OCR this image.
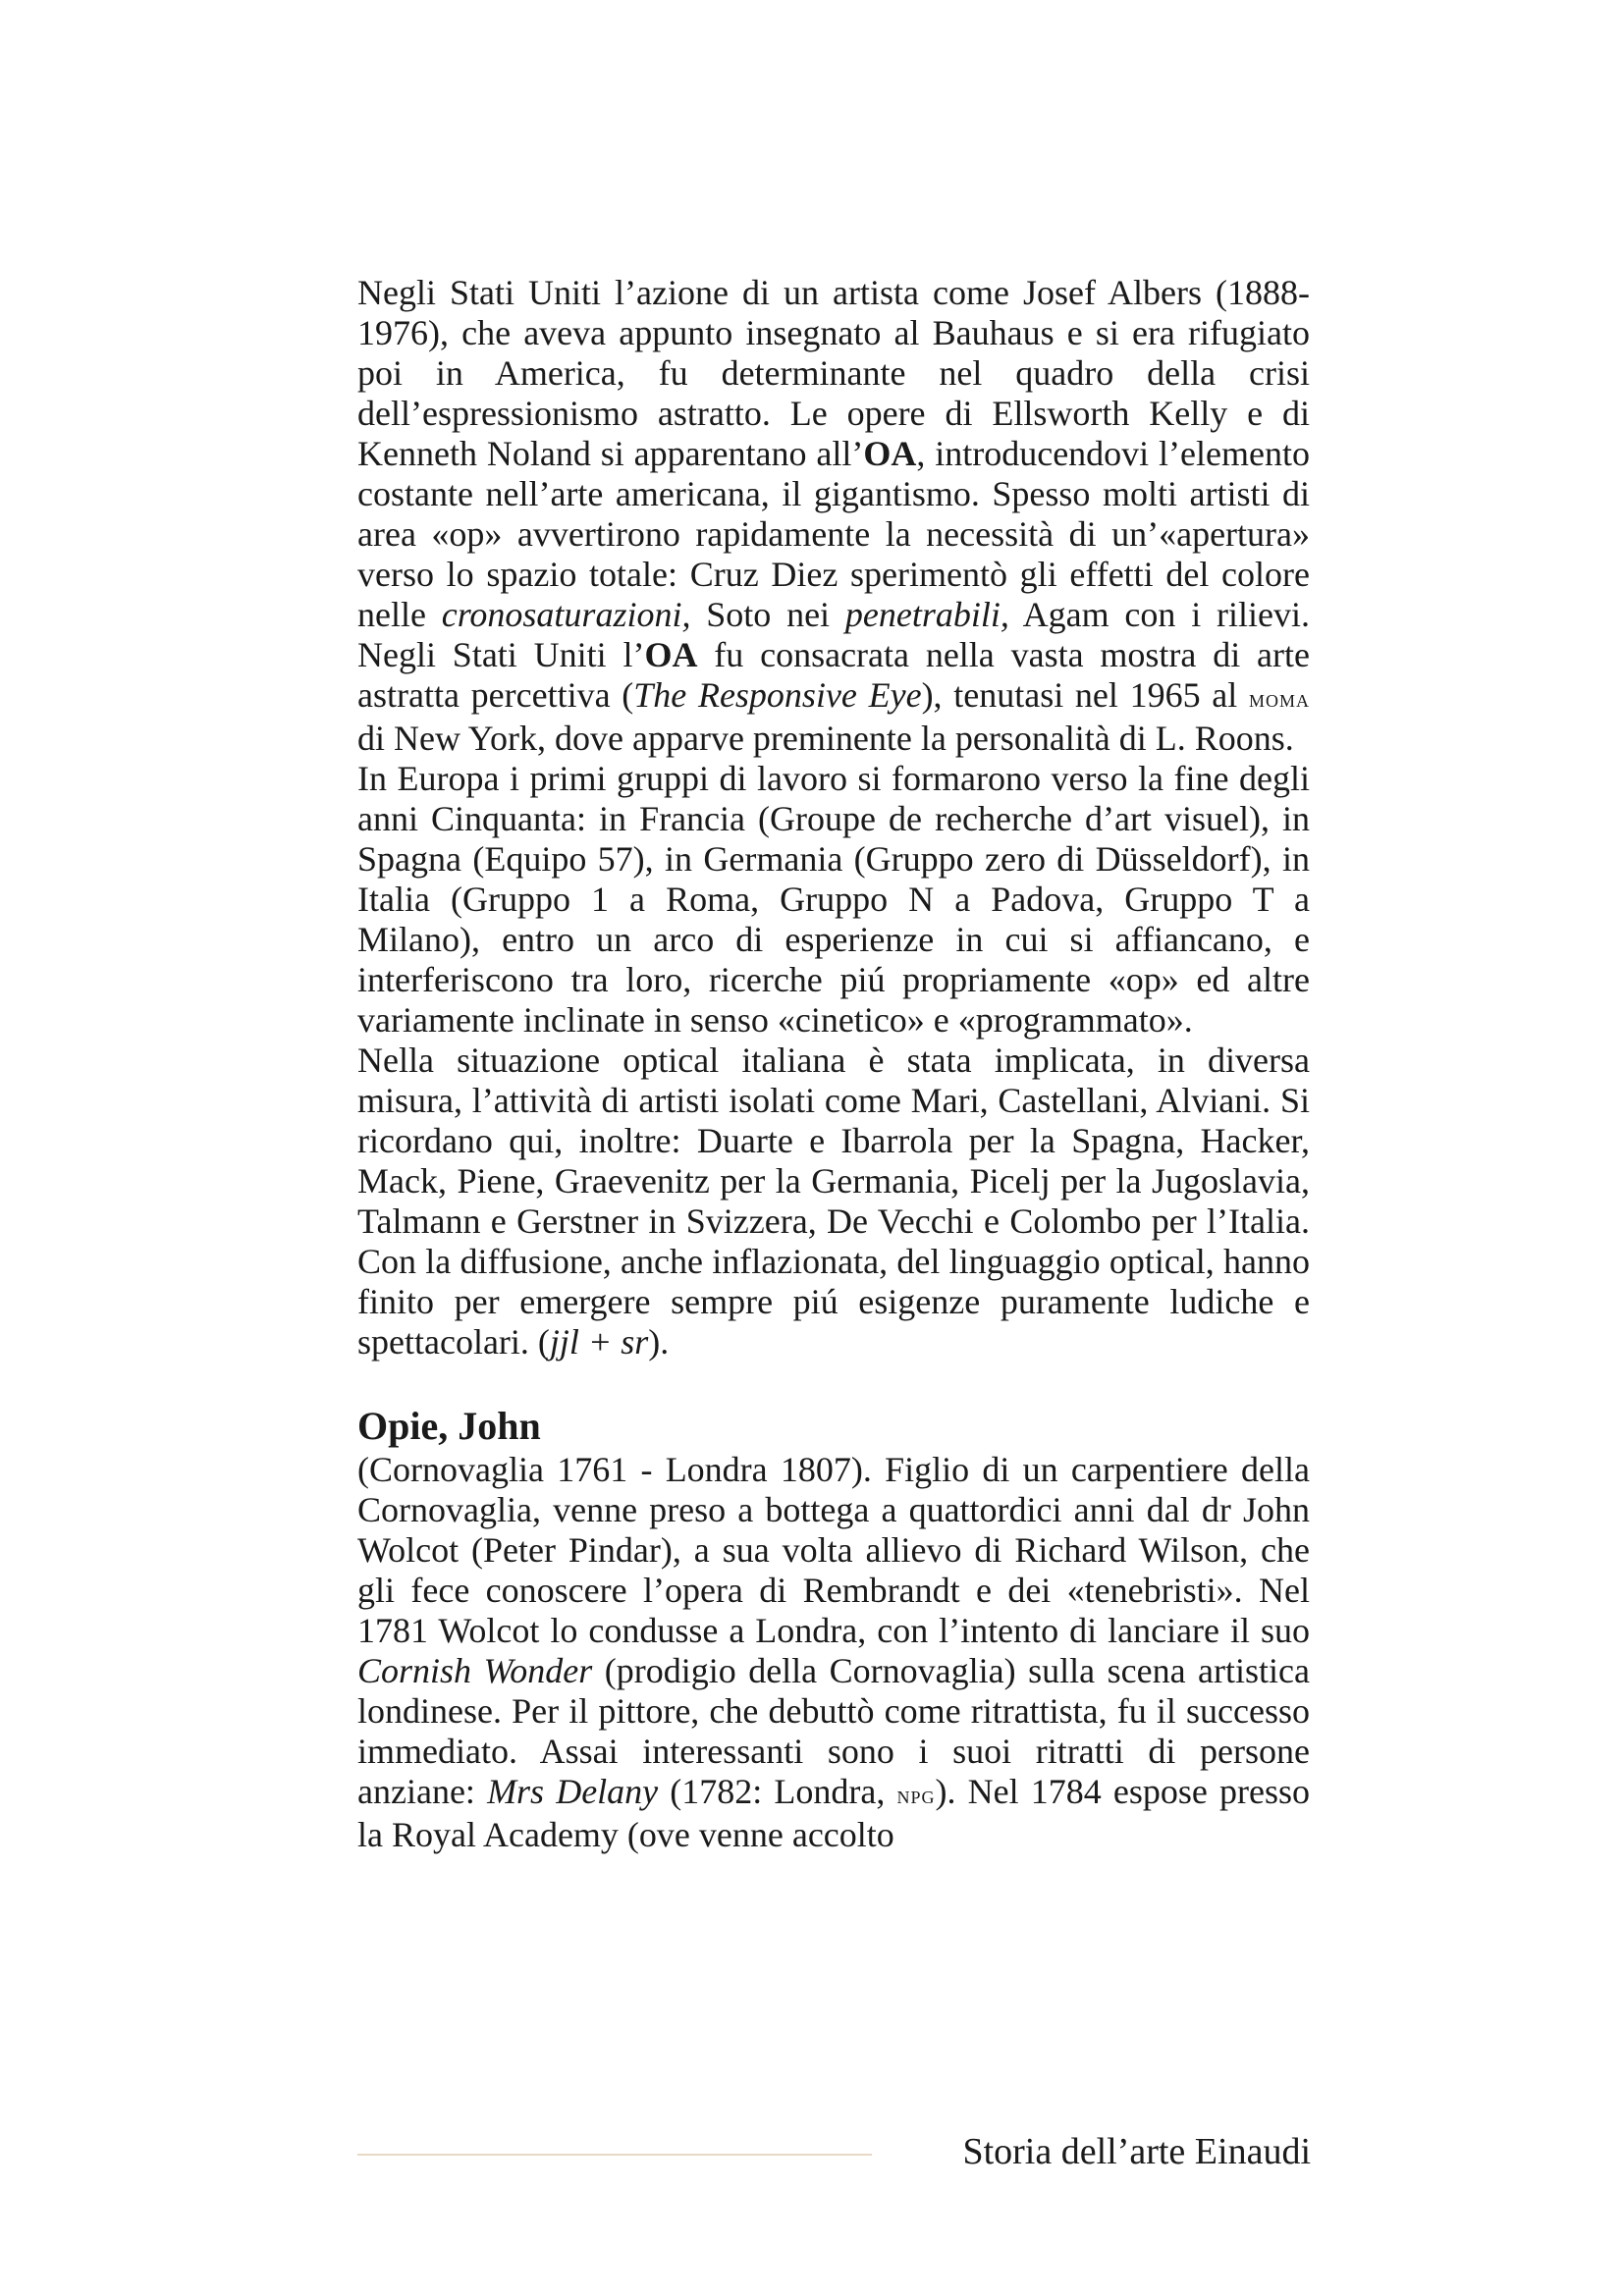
Negli Stati Uniti l’azione di un artista come Josef Albers (1888-1976), che aveva appunto insegnato al Bauhaus e si era rifugiato poi in America, fu determinante nel quadro della crisi dell’espressionismo astratto. Le opere di Ellsworth Kelly e di Kenneth Noland si apparentano all’OA, introducendovi l’elemento costante nell’arte americana, il gigantismo. Spesso molti artisti di area «op» avvertirono rapidamente la necessità di un’«apertura» verso lo spazio totale: Cruz Diez sperimentò gli effetti del colore nelle cronosaturazioni, Soto nei penetrabili, Agam con i rilievi. Negli Stati Uniti l’OA fu consacrata nella vasta mostra di arte astratta percettiva (The Responsive Eye), tenutasi nel 1965 al moma di New York, dove apparve preminente la personalità di L. Roons.

In Europa i primi gruppi di lavoro si formarono verso la fine degli anni Cinquanta: in Francia (Groupe de recherche d’art visuel), in Spagna (Equipo 57), in Germania (Gruppo zero di Düsseldorf), in Italia (Gruppo 1 a Roma, Gruppo N a Padova, Gruppo T a Milano), entro un arco di esperienze in cui si affiancano, e interferiscono tra loro, ricerche piú propriamente «op» ed altre variamente inclinate in senso «cinetico» e «programmato».

Nella situazione optical italiana è stata implicata, in diversa misura, l’attività di artisti isolati come Mari, Castellani, Alviani. Si ricordano qui, inoltre: Duarte e Ibarrola per la Spagna, Hacker, Mack, Piene, Graevenitz per la Germania, Picelj per la Jugoslavia, Talmann e Gerstner in Svizzera, De Vecchi e Colombo per l’Italia. Con la diffusione, anche inflazionata, del linguaggio optical, hanno finito per emergere sempre piú esigenze puramente ludiche e spettacolari. (jjl + sr).

Opie, John

(Cornovaglia 1761 - Londra 1807). Figlio di un carpentiere della Cornovaglia, venne preso a bottega a quattordici anni dal dr John Wolcot (Peter Pindar), a sua volta allievo di Richard Wilson, che gli fece conoscere l’opera di Rembrandt e dei «tenebristi». Nel 1781 Wolcot lo condusse a Londra, con l’intento di lanciare il suo Cornish Wonder (prodigio della Cornovaglia) sulla scena artistica londinese. Per il pittore, che debuttò come ritrattista, fu il successo immediato. Assai interessanti sono i suoi ritratti di persone anziane: Mrs Delany (1782: Londra, npg). Nel 1784 espose presso la Royal Academy (ove venne accolto

Storia dell’arte Einaudi
